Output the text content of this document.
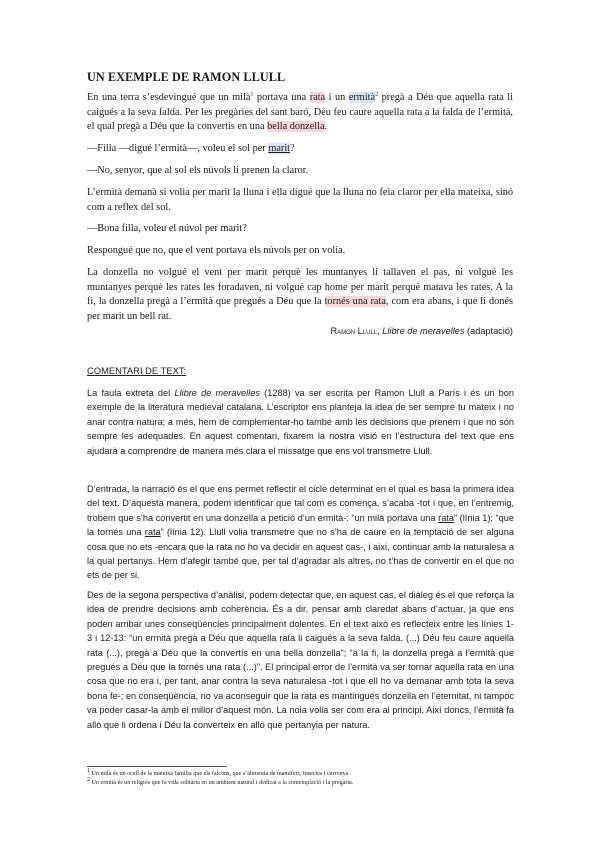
UN EXEMPLE DE RAMON LLULL

En una terra s’esdevingué que un milà$^1$ portava una rata i un ermità$^2$ pregà a Déu que aquella rata li caigués a la seva falda. Per les pregàries del sant baró, Déu feu caure aquella rata a la falda de l’ermità, el qual pregà a Déu que la convertís en una bella donzella.

—Filla —digué l’ermità—, voleu el sol per marit?

—No, senyor, que al sol els núvols li prenen la claror.

L’ermità demanà si volia per marit la lluna i ella digué que la lluna no feia claror per ella mateixa, sinó com a reflex del sol.

—Bona filla, voleu el núvol per marit?

Respongué que no, que el vent portava els núvols per on volia.

La donzella no volgué el vent per marit perquè les muntanyes li tallaven el pas, ni volgué les muntanyes perquè les rates les foradaven, ni volgué cap home per marit perquè matava les rates. A la fi, la donzella pregà a l’ermità que pregués a Déu que la tornés una rata, com era abans, i que li donés per marit un bell rat.

Ramon Llull, Llibre de meravelles (adaptació)
COMENTARI DE TEXT:

La faula extreta del Llibre de meravelles (1288) va ser escrita per Ramon Llull a París i és un bon exemple de la literatura medieval catalana. L’escriptor ens planteja la idea de ser sempre tu mateix i no anar contra natura; a més, hem de complementar-ho també amb les decisions que prenem i que no són sempre les adequades. En aquest comentari, fixarem la nostra visió en l’estructura del text que ens ajudarà a comprendre de manera més clara el missatge que ens vol transmetre Llull.

D’entrada, la narració és el que ens permet reflectir el cicle determinat en el qual es basa la primera idea del text. D’aquesta manera, podem identificar que tal com es comença, s’acaba -tot i que, en l’entremig, trobem que s’ha convertit en una donzella a petició d’un ermità-: “un milà portava una rata” (línia 1); “que la tornés una rata” (línia 12). Llull volia transmetre que no s’ha de caure en la temptació de ser alguna cosa que no ets -encara que la rata no ho va decidir en aquest cas-, i així, continuar amb la naturalesa a la qual pertanys. Hem d’afegir també que, per tal d’agradar als altres, no t’has de convertir en el que no ets de per si.

Des de la segona perspectiva d’anàlisi, podem detectar que, en aquest cas, el diàleg és el que reforça la idea de prendre decisions amb coherència. És a dir, pensar amb claredat abans d’actuar, ja que ens poden arribar unes conseqüències principalment dolentes. En el text això es reflecteix entre les línies 1-3 i 12-13: “un ermità pregà a Déu que aquella rata li caigués a la seva falda. (...) Déu feu caure aquella rata (...), pregà a Déu que la convertís en una bella donzella”; “a la fi, la donzella pregà a l’ermità que pregués a Déu que la tornés una rata (...)”. El principal error de l’ermità va ser tornar aquella rata en una cosa que no era i, per tant, anar contra la seva naturalesa -tot i que ell ho va demanar amb tota la seva bona fe-; en conseqüència, no va aconseguir que la rata es mantingués donzella en l’eternitat, ni tampoc va poder casar-la amb el millor d’aquest món. La noia volia ser com era al principi. Així doncs, l’ermità fa allò que li ordena i Déu la converteix en allò que pertanyia per natura.

$^1$ Un milà és un ocell de la mateixa família que els falcons, que s’alimenta de mamífers, insectes i carronya.
$^2$ Un ermità és un religiós que fa vida solitària en un ambient natural i dedicat a la contemplació i la pregària.
